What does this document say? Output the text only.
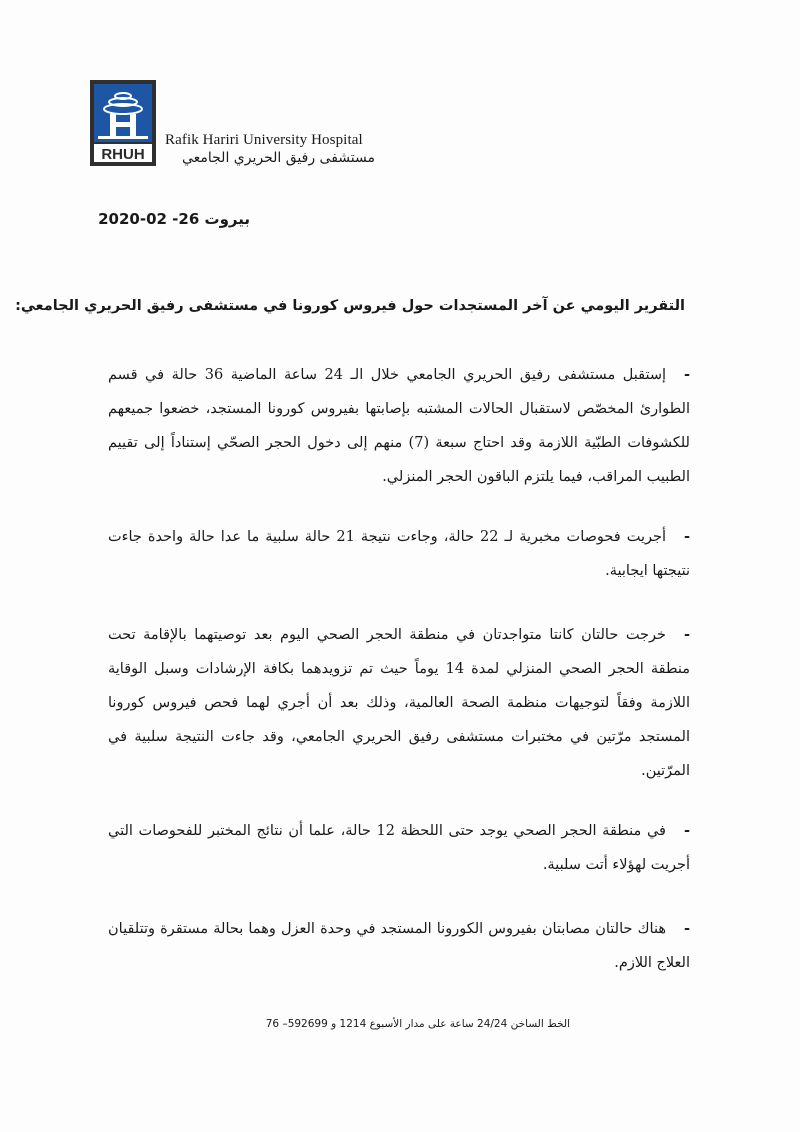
RHUH
Rafik Hariri University Hospital
مستشفى رفيق الحريري الجامعي
بيروت 26- 02-2020
التقرير اليومي عن آخر المستجدات حول فيروس كورونا في مستشفى رفيق الحريري الجامعي:
-إستقبل مستشفى رفيق الحريري الجامعي خلال الـ 24 ساعة الماضية 36 حالة في قسم الطوارئ المخصّص لاستقبال الحالات المشتبه بإصابتها بفيروس كورونا المستجد، خضعوا جميعهم للكشوفات الطبّية اللازمة وقد احتاج سبعة (7) منهم إلى دخول الحجر الصحّي إستناداً إلى تقييم الطبيب المراقب، فيما يلتزم الباقون الحجر المنزلي.
-أجريت فحوصات مخبرية لـ 22 حالة، وجاءت نتيجة 21 حالة سلبية ما عدا حالة واحدة جاءت نتيجتها ايجابية.
-خرجت حالتان كانتا متواجدتان في منطقة الحجر الصحي اليوم بعد توصيتهما بالإقامة تحت منطقة الحجر الصحي المنزلي لمدة 14 يوماً حيث تم تزويدهما بكافة الإرشادات وسبل الوقاية اللازمة وفقاً لتوجيهات منظمة الصحة العالمية، وذلك بعد أن أجري لهما فحص فيروس كورونا المستجد مرّتين في مختبرات مستشفى رفيق الحريري الجامعي، وقد جاءت النتيجة سلبية في المرّتين.
-في منطقة الحجر الصحي يوجد حتى اللحظة 12 حالة، علما أن نتائج المختبر للفحوصات التي أجريت لهؤلاء أتت سلبية.
-هناك حالتان مصابتان بفيروس الكورونا المستجد في وحدة العزل وهما بحالة مستقرة وتتلقيان العلاج اللازم.
الخط الساخن 24/24 ساعة على مدار الأسبوع 1214 و 592699– 76
